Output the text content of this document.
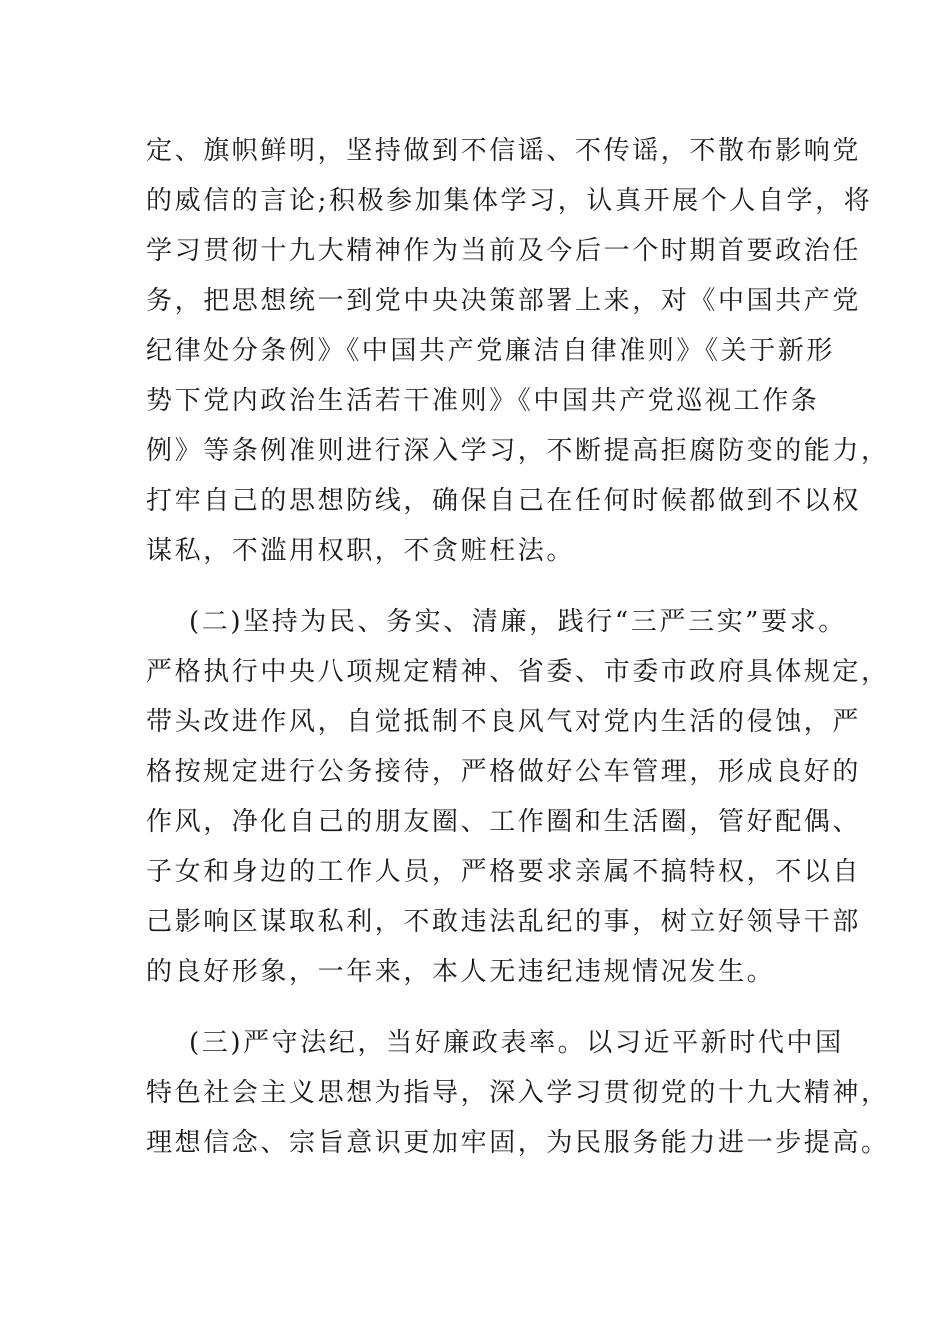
定、旗帜鲜明，坚持做到不信谣、不传谣，不散布影响党
的威信的言论;积极参加集体学习，认真开展个人自学，将
学习贯彻十九大精神作为当前及今后一个时期首要政治任
务，把思想统一到党中央决策部署上来，对《中国共产党
纪律处分条例》《中国共产党廉洁自律准则》《关于新形
势下党内政治生活若干准则》《中国共产党巡视工作条
例》等条例准则进行深入学习，不断提高拒腐防变的能力，
打牢自己的思想防线，确保自己在任何时候都做到不以权
谋私，不滥用权职，不贪赃枉法。
(二)坚持为民、务实、清廉，践行“三严三实”要求。
严格执行中央八项规定精神、省委、市委市政府具体规定，
带头改进作风，自觉抵制不良风气对党内生活的侵蚀，严
格按规定进行公务接待，严格做好公车管理，形成良好的
作风，净化自己的朋友圈、工作圈和生活圈，管好配偶、
子女和身边的工作人员，严格要求亲属不搞特权，不以自
己影响区谋取私利，不敢违法乱纪的事，树立好领导干部
的良好形象，一年来，本人无违纪违规情况发生。
(三)严守法纪，当好廉政表率。以习近平新时代中国
特色社会主义思想为指导，深入学习贯彻党的十九大精神，
理想信念、宗旨意识更加牢固，为民服务能力进一步提高。
